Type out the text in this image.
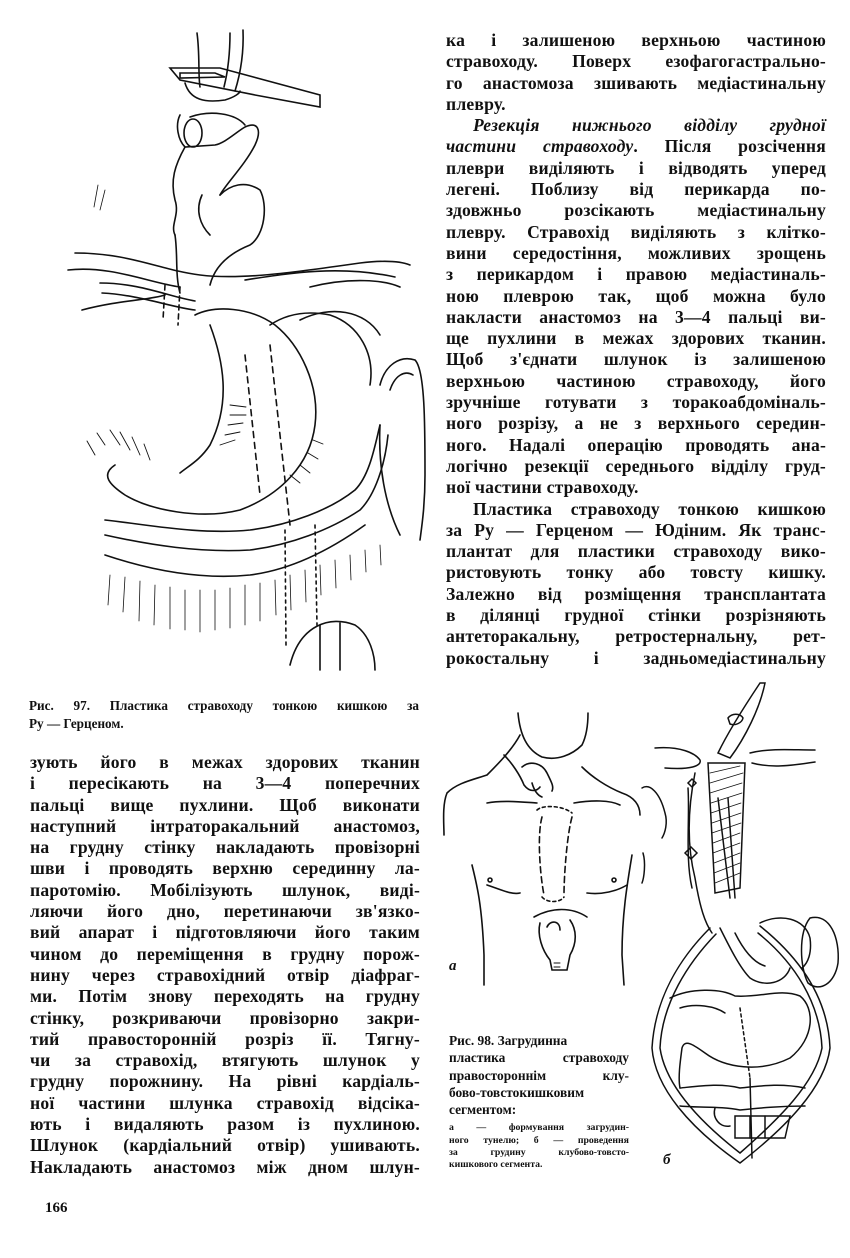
Рис. 97. Пластика стравоходу тонкою кишкою за
Ру — Герценом.

ка і залишеною верхньою частиною
стравоходу. Поверх езофагогастрально-
го анастомоза зшивають медіастинальну
плевру.

Резекція нижнього відділу грудної
частини стравоходу. Після розсічення
плеври виділяють і відводять уперед
легені. Поблизу від перикарда по-
здовжньо розсікають медіастинальну
плевру. Стравохід виділяють з клітко-
вини середостіння, можливих зрощень
з перикардом і правою медіастиналь-
ною плеврою так, щоб можна було
накласти анастомоз на 3—4 пальці ви-
ще пухлини в межах здорових тканин.
Щоб з'єднати шлунок із залишеною
верхньою частиною стравоходу, його
зручніше готувати з торакоабдоміналь-
ного розрізу, а не з верхнього середин-
ного. Надалі операцію проводять ана-
логічно резекції середнього відділу груд-
ної частини стравоходу.

Пластика стравоходу тонкою кишкою
за Ру — Герценом — Юдіним. Як транс-
плантат для пластики стравоходу вико-
ристовують тонку або товсту кишку.
Залежно від розміщення трансплантата
в ділянці грудної стінки розрізняють
антеторакальну, ретростернальну, рет-
рокостальну і задньомедіастинальну

зують його в межах здорових тканин
і пересікають на 3—4 поперечних
пальці вище пухлини. Щоб виконати
наступний інтраторакальний анастомоз,
на грудну стінку накладають провізорні
шви і проводять верхню серединну ла-
паротомію. Мобілізують шлунок, виді-
ляючи його дно, перетинаючи зв'язко-
вий апарат і підготовляючи його таким
чином до переміщення в грудну порож-
нину через стравохідний отвір діафраг-
ми. Потім знову переходять на грудну
стінку, розкриваючи провізорно закри-
тий правосторонній розріз її. Тягну-
чи за стравохід, втягують шлунок у
грудну порожнину. На рівні кардіаль-
ної частини шлунка стравохід відсіка-
ють і видаляють разом із пухлиною.
Шлунок (кардіальний отвір) ушивають.
Накладають анастомоз між дном шлун-

а
б
Рис. 98. Загрудинна
пластика стравоходу
правостороннім клу-
бово-товстокишковим
сегментом:
а — формування загрудин-
ного тунелю; б — проведення
за грудину клубово-товсто-
кишкового сегмента.
166
